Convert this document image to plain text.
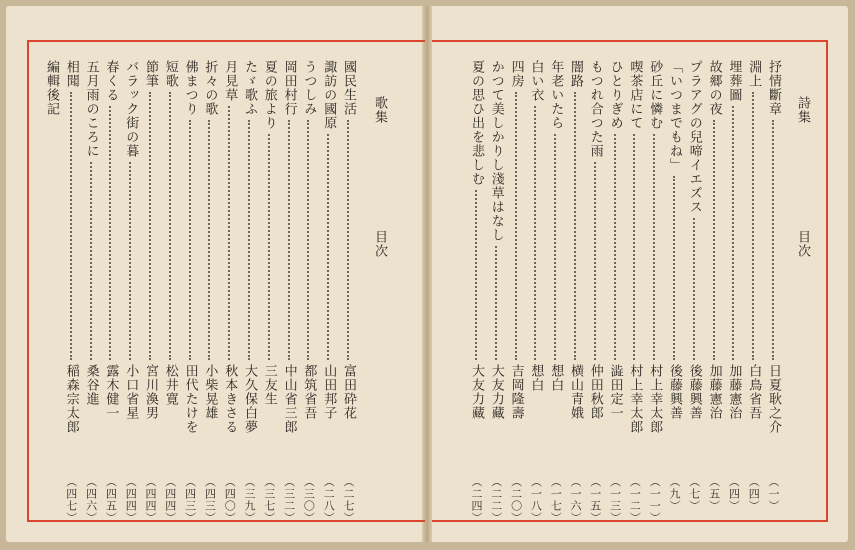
詩集
目次
歌集
目次
抒情斷章
日夏耿之介
（一）
淵上
白鳥省吾
（四）
埋葬圖
加藤憲治
（四）
故郷の夜
加藤憲治
（五）
プラアグの兒啼イエズス
後藤興善
（七）
「いつまでもね」
後藤興善
（九）
砂丘に憐む
村上幸太郎
（一一）
喫茶店にて
村上幸太郎
（一二）
ひとりぎめ
澁田定一
（一三）
もつれ合つた雨
仲田秋郎
（一五）
闇路
横山青娥
（一六）
年老いたら
想白
（一七）
白い衣
想白
（一八）
四房
吉岡隆壽
（二〇）
かつて美しかりし淺草はなし
大友力藏
（二二）
夏の思ひ出を悲しむ
大友力藏
（二四）
國民生活
富田砕花
（二七）
諏訪の國原
山田邦子
（二八）
うつしみ
都筑省吾
（三〇）
岡田村行
中山省三郎
（三二）
夏の旅より
三友生
（三七）
たゞ歌ふ
大久保白夢
（三九）
月見草
秋本きさる
（四〇）
折々の歌
小柴晃雄
（四三）
佛まつり
田代たけを
（四三）
短歌
松井寛
（四四）
節筆
宮川渙男
（四四）
バラック街の暮
小口省星
（四四）
春くる
露木健一
（四五）
五月雨のころに
桑谷進
（四六）
相聞
稲森宗太郎
（四七）
編輯後記
